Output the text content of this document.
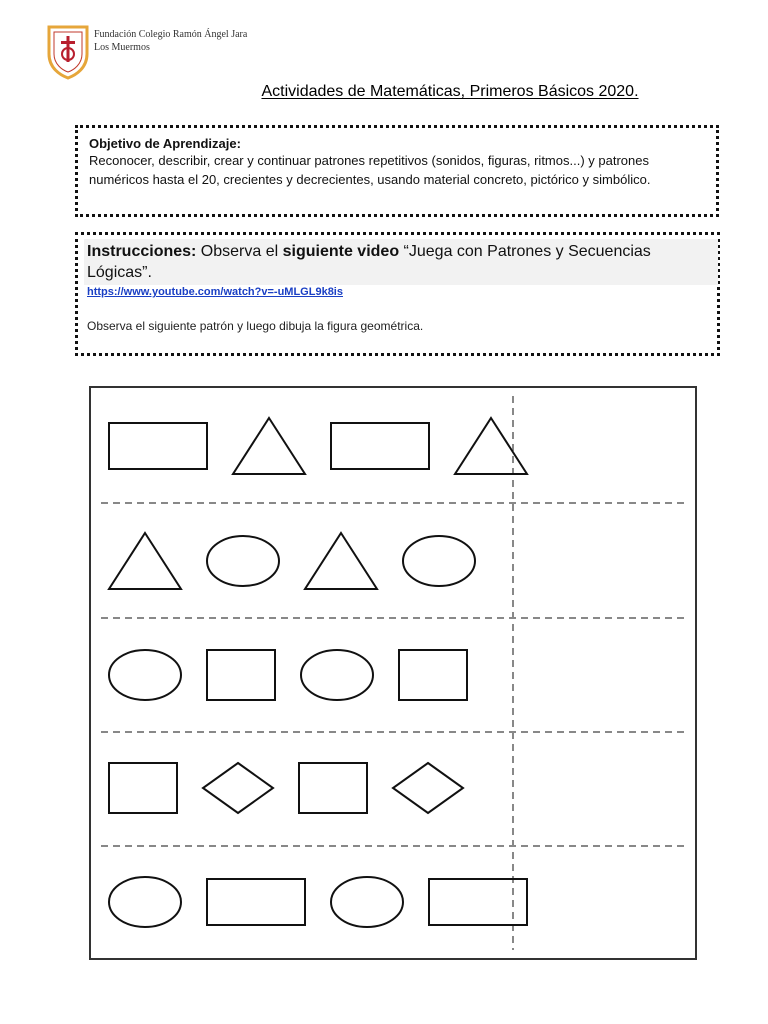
Fundación Colegio Ramón Ángel Jara
Los Muermos
Actividades de Matemáticas, Primeros Básicos 2020.
Objetivo de Aprendizaje:
Reconocer, describir, crear y continuar patrones repetitivos (sonidos, figuras, ritmos...) y patrones numéricos hasta el 20, crecientes y decrecientes, usando material concreto, pictórico y simbólico.
Instrucciones: Observa el siguiente video “Juega con Patrones y Secuencias Lógicas”.
https://www.youtube.com/watch?v=-uMLGL9k8is
Observa el siguiente patrón y luego dibuja la figura geométrica.
